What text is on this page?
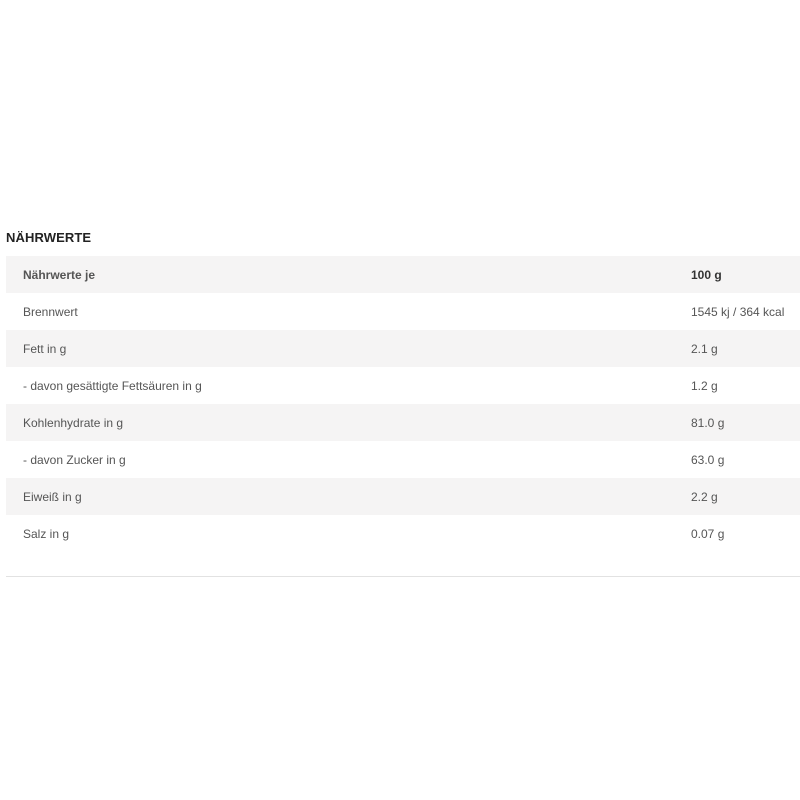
NÄHRWERTE
Nährwerte je	100 g
Brennwert	1545 kj / 364 kcal
Fett in g	2.1 g
- davon gesättigte Fettsäuren in g	1.2 g
Kohlenhydrate in g	81.0 g
- davon Zucker in g	63.0 g
Eiweiß in g	2.2 g
Salz in g	0.07 g
